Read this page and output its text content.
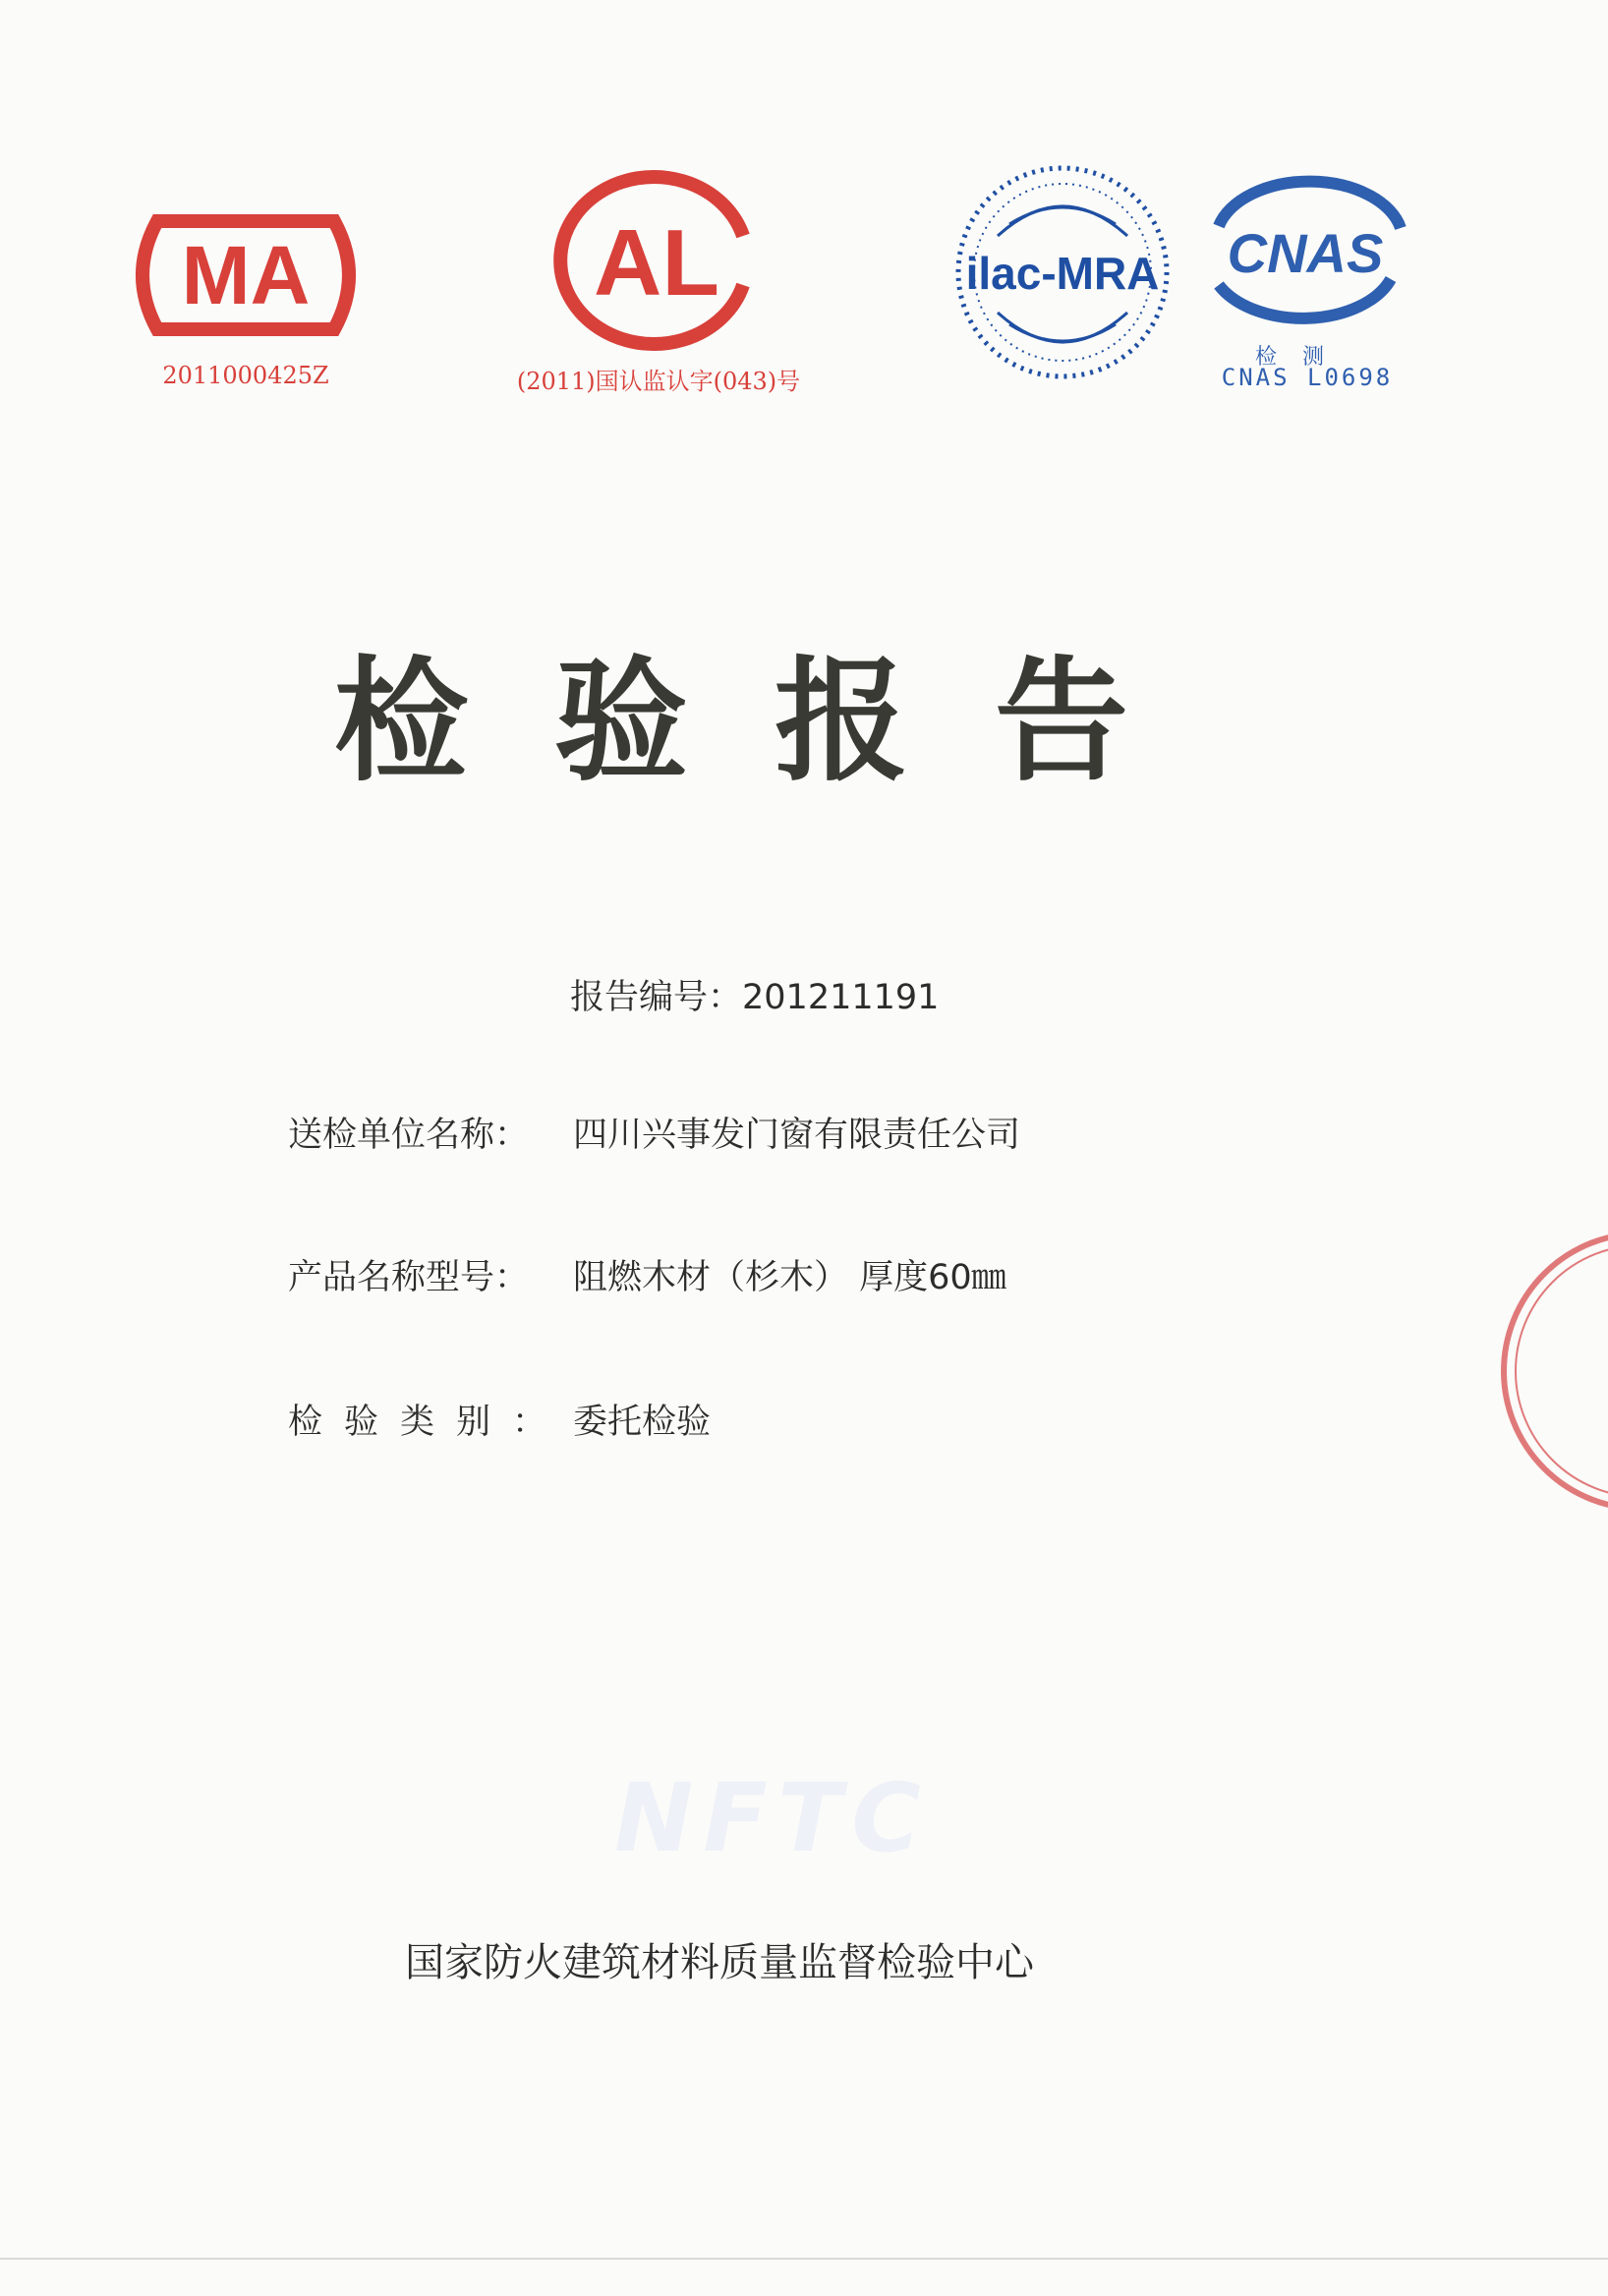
MA
2011000425Z
AL
(2011)国认监认字(043)号
ilac-MRA CNAS
检测
CNAS L0698
检验报告
报告编号：201211191
送检单位名称： 四川兴事发门窗有限责任公司
产品名称型号： 阻燃木材（杉木） 厚度60㎜
检验类别： 委托检验
NFTC
国家防火建筑材料质量监督检验中心
